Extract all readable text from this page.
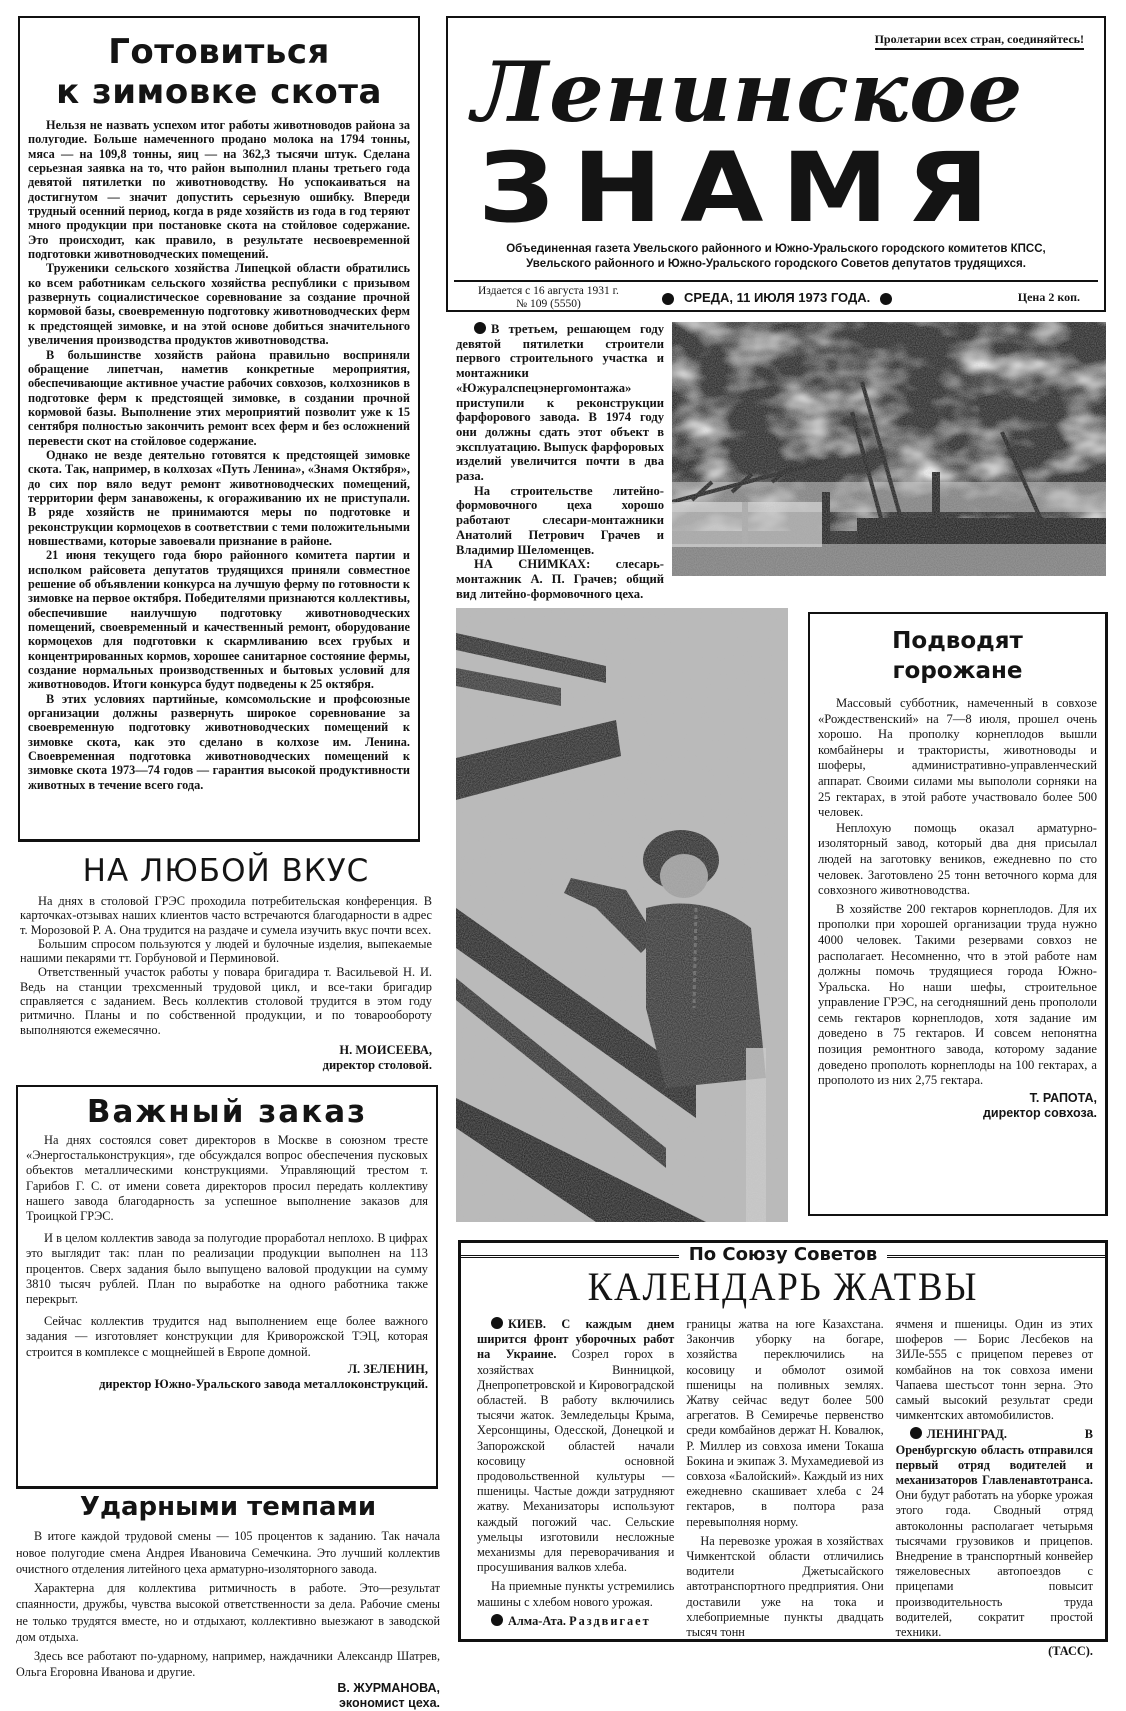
Готовиться
к зимовке скота

Нельзя не назвать успехом итог работы животноводов района за полугодие. Больше намеченного продано молока на 1794 тонны, мяса — на 109,8 тонны, яиц — на 362,3 тысячи штук. Сделана серьезная заявка на то, что район выполнил планы третьего года девятой пятилетки по животноводству. Но успокаиваться на достигнутом — значит допустить серьезную ошибку. Впереди трудный осенний период, когда в ряде хозяйств из года в год теряют много продукции при постановке скота на стойловое содержание. Это происходит, как правило, в результате несвоевременной подготовки животноводческих помещений.

Труженики сельского хозяйства Липецкой области обратились ко всем работникам сельского хозяйства республики с призывом развернуть социалистическое соревнование за создание прочной кормовой базы, своевременную подготовку животноводческих ферм к предстоящей зимовке, и на этой основе добиться значительного увеличения производства продуктов животноводства.

В большинстве хозяйств района правильно восприняли обращение липетчан, наметив конкретные мероприятия, обеспечивающие активное участие рабочих совхозов, колхозников в подготовке ферм к предстоящей зимовке, в создании прочной кормовой базы. Выполнение этих мероприятий позволит уже к 15 сентября полностью закончить ремонт всех ферм и без осложнений перевести скот на стойловое содержание.

Однако не везде деятельно готовятся к предстоящей зимовке скота. Так, например, в колхозах «Путь Ленина», «Знамя Октября», до сих пор вяло ведут ремонт животноводческих помещений, территории ферм занавожены, к огораживанию их не приступали. В ряде хозяйств не принимаются меры по подготовке и реконструкции кормоцехов в соответствии с теми положительными новшествами, которые завоевали признание в районе.

21 июня текущего года бюро районного комитета партии и исполком райсовета депутатов трудящихся приняли совместное решение об объявлении конкурса на лучшую ферму по готовности к зимовке на первое октября. Победителями признаются коллективы, обеспечившие наилучшую подготовку животноводческих помещений, своевременный и качественный ремонт, оборудование кормоцехов для подготовки к скармливанию всех грубых и концентрированных кормов, хорошее санитарное состояние фермы, создание нормальных производственных и бытовых условий для животноводов. Итоги конкурса будут подведены к 25 октября.

В этих условиях партийные, комсомольские и профсоюзные организации должны развернуть широкое соревнование за своевременную подготовку животноводческих помещений к зимовке скота, как это сделано в колхозе им. Ленина. Своевременная подготовка животноводческих помещений к зимовке скота 1973—74 годов — гарантия высокой продуктивности животных в течение всего года.

Пролетарии всех стран, соединяйтесь!
Ленинское
ЗНАМЯ
Объединенная газета Увельского районного и Южно-Уральского городского комитетов КПСС,
Увельского районного и Южно-Уральского городского Советов депутатов трудящихся.
Издается с 16 августа 1931 г.
№ 109 (5550)	СРЕДА, 11 ИЮЛЯ 1973 ГОДА.	Цена 2 коп.

В третьем, решающем году девятой пятилетки строители первого строительного участка и монтажники «Южуралспецэнергомонтажа» приступили к реконструкции фарфорового завода. В 1974 году они должны сдать этот объект в эксплуатацию. Выпуск фарфоровых изделий увеличится почти в два раза.

На строительстве литейно-формовочного цеха хорошо работают слесари-монтажники Анатолий Петрович Грачев и Владимир Шеломенцев.

НА СНИМКАХ: слесарь-монтажник А. П. Грачев; общий вид литейно-формовочного цеха.

Подводят
горожане

Массовый субботник, намеченный в совхозе «Рождественский» на 7—8 июля, прошел очень хорошо. На прополку корнеплодов вышли комбайнеры и трактористы, животноводы и шоферы, административно-управленческий аппарат. Своими силами мы выпололи сорняки на 25 гектарах, в этой работе участвовало более 500 человек.

Неплохую помощь оказал арматурно-изоляторный завод, который два дня присылал людей на заготовку веников, ежедневно по сто человек. Заготовлено 25 тонн веточного корма для совхозного животноводства.

В хозяйстве 200 гектаров корнеплодов. Для их прополки при хорошей организации труда нужно 4000 человек. Такими резервами совхоз не располагает. Несомненно, что в этой работе нам должны помочь трудящиеся города Южно-Уральска. Но наши шефы, строительное управление ГРЭС, на сегодняшний день пропололи семь гектаров корнеплодов, хотя задание им доведено в 75 гектаров. И совсем непонятна позиция ремонтного завода, которому задание доведено прополоть корнеплоды на 100 гектарах, а прополото из них 2,75 гектара.

Т. РАПОТА,
директор совхоза.
НА ЛЮБОЙ ВКУС

На днях в столовой ГРЭС проходила потребительская конференция. В карточках-отзывах наших клиентов часто встречаются благодарности в адрес т. Морозовой Р. А. Она трудится на раздаче и сумела изучить вкус почти всех.

Большим спросом пользуются у людей и булочные изделия, выпекаемые нашими пекарями тт. Горбуновой и Перминовой.

Ответственный участок работы у повара бригадира т. Васильевой Н. И. Ведь на станции трехсменный трудовой цикл, и все-таки бригадир справляется с заданием. Весь коллектив столовой трудится в этом году ритмично. Планы и по собственной продукции, и по товарообороту выполняются ежемесячно.

Н. МОИСЕЕВА,
директор столовой.
Важный заказ

На днях состоялся совет директоров в Москве в союзном тресте «Энергостальконструкция», где обсуждался вопрос обеспечения пусковых объектов металлическими конструкциями. Управляющий трестом т. Гарибов Г. С. от имени совета директоров просил передать коллективу нашего завода благодарность за успешное выполнение заказов для Троицкой ГРЭС.

И в целом коллектив завода за полугодие проработал неплохо. В цифрах это выглядит так: план по реализации продукции выполнен на 113 процентов. Сверх задания было выпущено валовой продукции на сумму 3810 тысяч рублей. План по выработке на одного работника также перекрыт.

Сейчас коллектив трудится над выполнением еще более важного задания — изготовляет конструкции для Криворожской ТЭЦ, которая строится в комплексе с мощнейшей в Европе домной.

Л. ЗЕЛЕНИН,
директор Южно-Уральского завода металлоконструкций.
Ударными темпами

В итоге каждой трудовой смены — 105 процентов к заданию. Так начала новое полугодие смена Андрея Ивановича Семечкина. Это лучший коллектив очистного отделения литейного цеха арматурно-изоляторного завода.

Характерна для коллектива ритмичность в работе. Это—результат спаянности, дружбы, чувства высокой ответственности за дела. Рабочие смены не только трудятся вместе, но и отдыхают, коллективно выезжают в заводской дом отдыха.

Здесь все работают по-ударному, например, наждачники Александр Шатрев, Ольга Егоровна Иванова и другие.

В. ЖУРМАНОВА,
экономист цеха.
По Союзу Советов
КАЛЕНДАРЬ ЖАТВЫ

КИЕВ. С каждым днем ширится фронт уборочных работ на Украине. Созрел горох в хозяйствах Винницкой, Днепропетровской и Кировоградской областей. В работу включились тысячи жаток. Земледельцы Крыма, Херсонщины, Одесской, Донецкой и Запорожской областей начали косовицу основной продовольственной культуры — пшеницы. Частые дожди затрудняют жатву. Механизаторы используют каждый погожий час. Сельские умельцы изготовили несложные механизмы для переворачивания и просушивания валков хлеба.

На приемные пункты устремились машины с хлебом нового урожая.

Алма-Ата. Раздвигает

границы жатва на юге Казахстана. Закончив уборку на богаре, хозяйства переключились на косовицу и обмолот озимой пшеницы на поливных землях. Жатву сейчас ведут более 500 агрегатов. В Семиречье первенство среди комбайнов держат Н. Ковалюк, Р. Миллер из совхоза имени Токаша Бокина и экипаж З. Мухамедиевой из совхоза «Балойский». Каждый из них ежедневно скашивает хлеба с 24 гектаров, в полтора раза перевыполняя норму.

На перевозке урожая в хозяйствах Чимкентской области отличились водители Джетысайского автотранспортного предприятия. Они доставили уже на тока и хлебоприемные пункты двадцать тысяч тонн

ячменя и пшеницы. Один из этих шоферов — Борис Лесбеков на ЗИЛе-555 с прицепом перевез от комбайнов на ток совхоза имени Чапаева шестьсот тонн зерна. Это самый высокий результат среди чимкентских автомобилистов.

ЛЕНИНГРАД.	В Оренбургскую область отправился первый отряд водителей и механизаторов Главленавтотранса. Они будут работать на уборке урожая этого года. Сводный отряд автоколонны располагает четырьмя тысячами грузовиков и прицепов. Внедрение в транспортный конвейер тяжеловесных автопоездов с прицепами повысит производительность труда водителей, сократит простой техники.

(ТАСС).
